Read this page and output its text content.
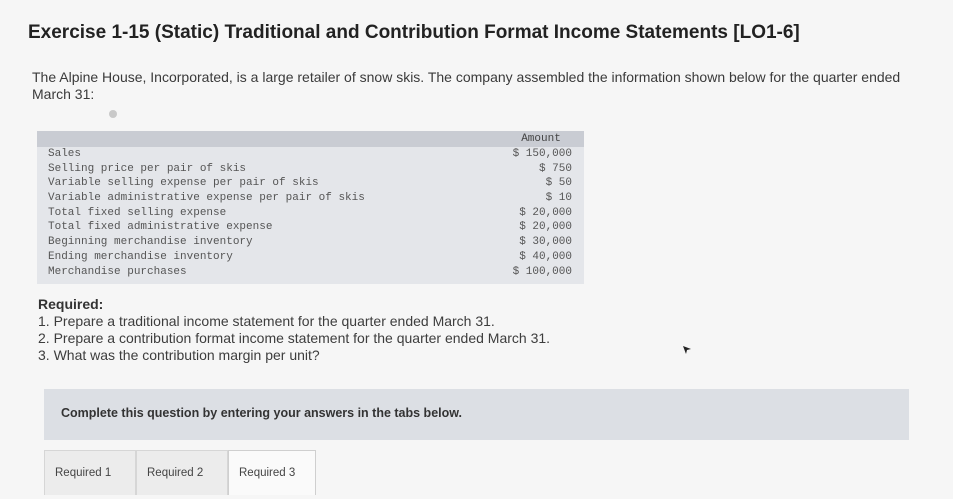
Exercise 1-15 (Static) Traditional and Contribution Format Income Statements [LO1-6]

The Alpine House, Incorporated, is a large retailer of snow skis. The company assembled the information shown below for the quarter ended March 31:

Amount
Sales	$ 150,000
Selling price per pair of skis	$ 750
Variable selling expense per pair of skis	$ 50
Variable administrative expense per pair of skis	$ 10
Total fixed selling expense	$ 20,000
Total fixed administrative expense	$ 20,000
Beginning merchandise inventory	$ 30,000
Ending merchandise inventory	$ 40,000
Merchandise purchases	$ 100,000
Required:
1. Prepare a traditional income statement for the quarter ended March 31.
2. Prepare a contribution format income statement for the quarter ended March 31.
3. What was the contribution margin per unit?
Complete this question by entering your answers in the tabs below.
Required 1	Required 2	Required 3
